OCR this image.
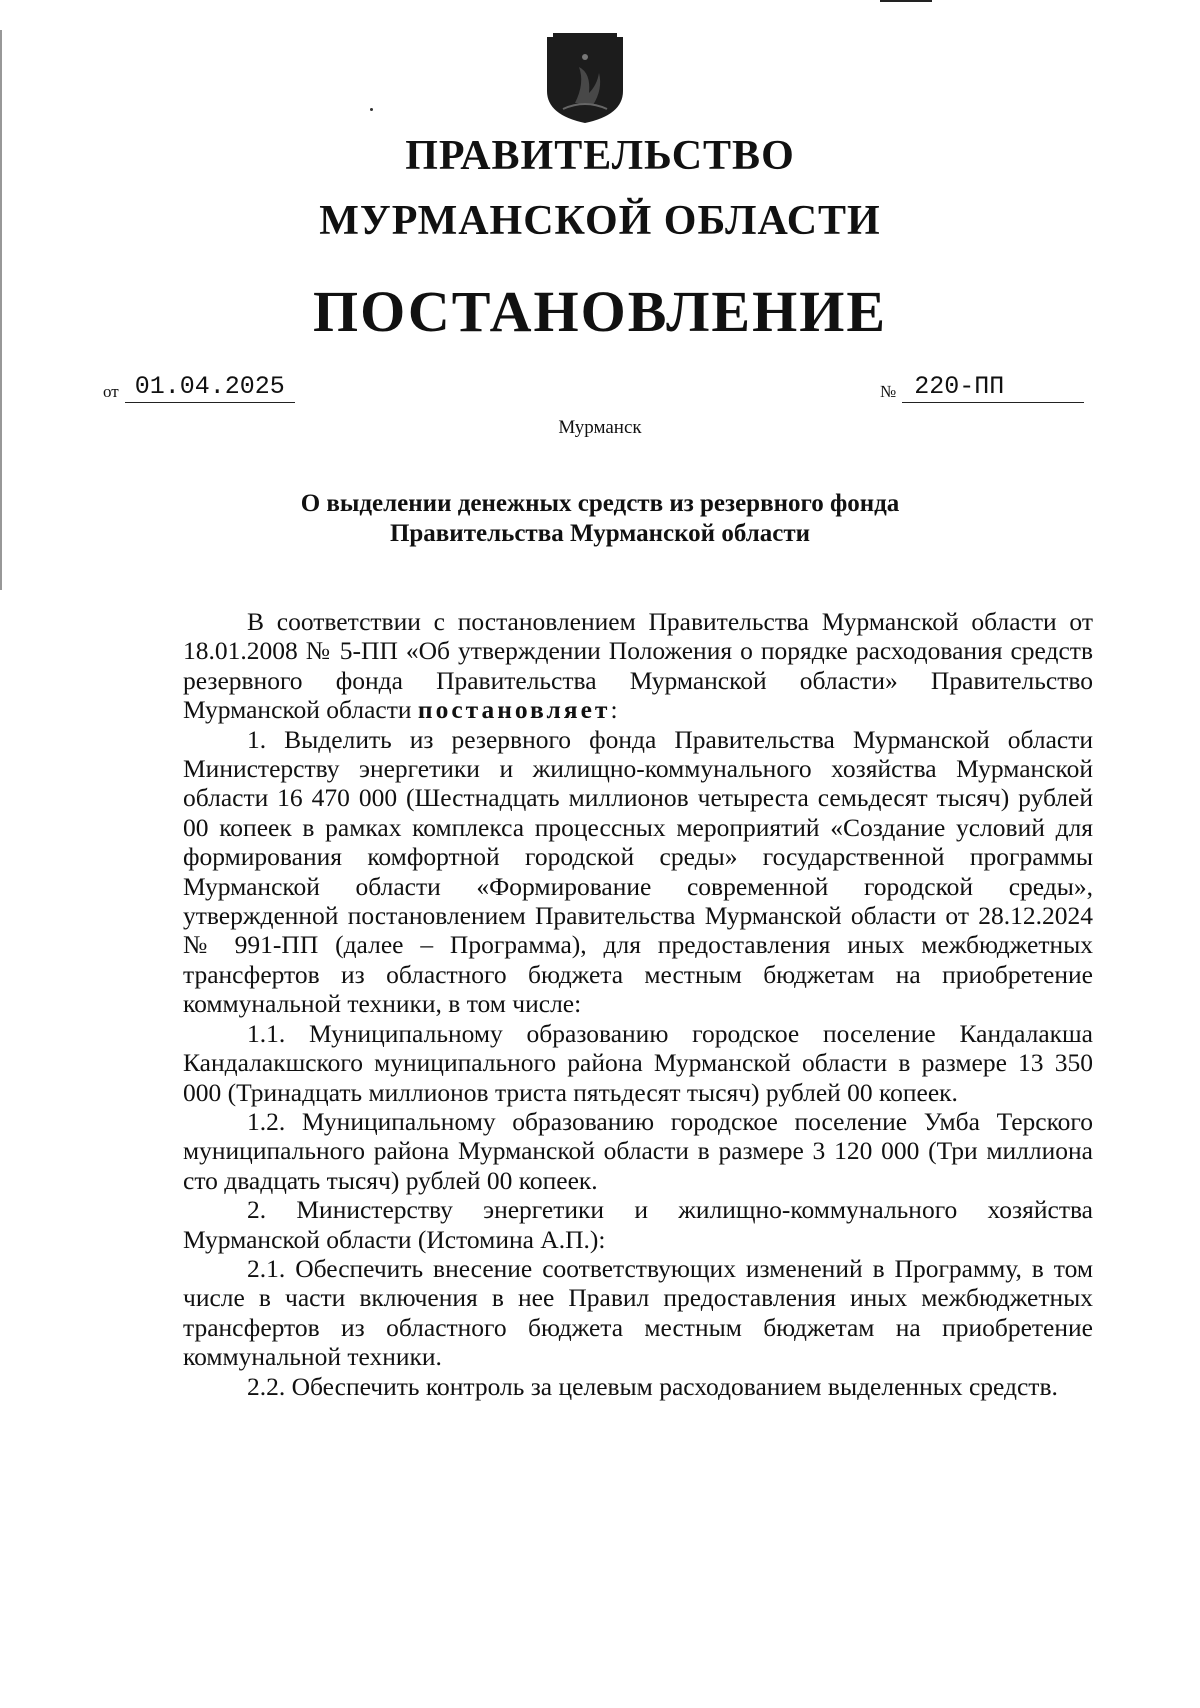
ПРАВИТЕЛЬСТВО
МУРМАНСКОЙ ОБЛАСТИ
ПОСТАНОВЛЕНИЕ
от 01.04.2025	№ 220-ПП
Мурманск
О выделении денежных средств из резервного фонда
Правительства Мурманской области

В соответствии с постановлением Правительства Мурманской области от 18.01.2008 № 5-ПП «Об утверждении Положения о порядке расходования средств резервного фонда Правительства Мурманской области» Правительство Мурманской области постановляет:

1. Выделить из резервного фонда Правительства Мурманской области Министерству энергетики и жилищно-коммунального хозяйства Мурманской области 16 470 000 (Шестнадцать миллионов четыреста семьдесят тысяч) рублей 00 копеек в рамках комплекса процессных мероприятий «Создание условий для формирования комфортной городской среды» государственной программы Мурманской области «Формирование современной городской среды», утвержденной постановлением Правительства Мурманской области от 28.12.2024 № 991-ПП (далее – Программа), для предоставления иных межбюджетных трансфертов из областного бюджета местным бюджетам на приобретение коммунальной техники, в том числе:

1.1. Муниципальному образованию городское поселение Кандалакша Кандалакшского муниципального района Мурманской области в размере 13 350 000 (Тринадцать миллионов триста пятьдесят тысяч) рублей 00 копеек.

1.2. Муниципальному образованию городское поселение Умба Терского муниципального района Мурманской области в размере 3 120 000 (Три миллиона сто двадцать тысяч) рублей 00 копеек.

2. Министерству энергетики и жилищно-коммунального хозяйства Мурманской области (Истомина А.П.):

2.1. Обеспечить внесение соответствующих изменений в Программу, в том числе в части включения в нее Правил предоставления иных межбюджетных трансфертов из областного бюджета местным бюджетам на приобретение коммунальной техники.

2.2. Обеспечить контроль за целевым расходованием выделенных средств.
